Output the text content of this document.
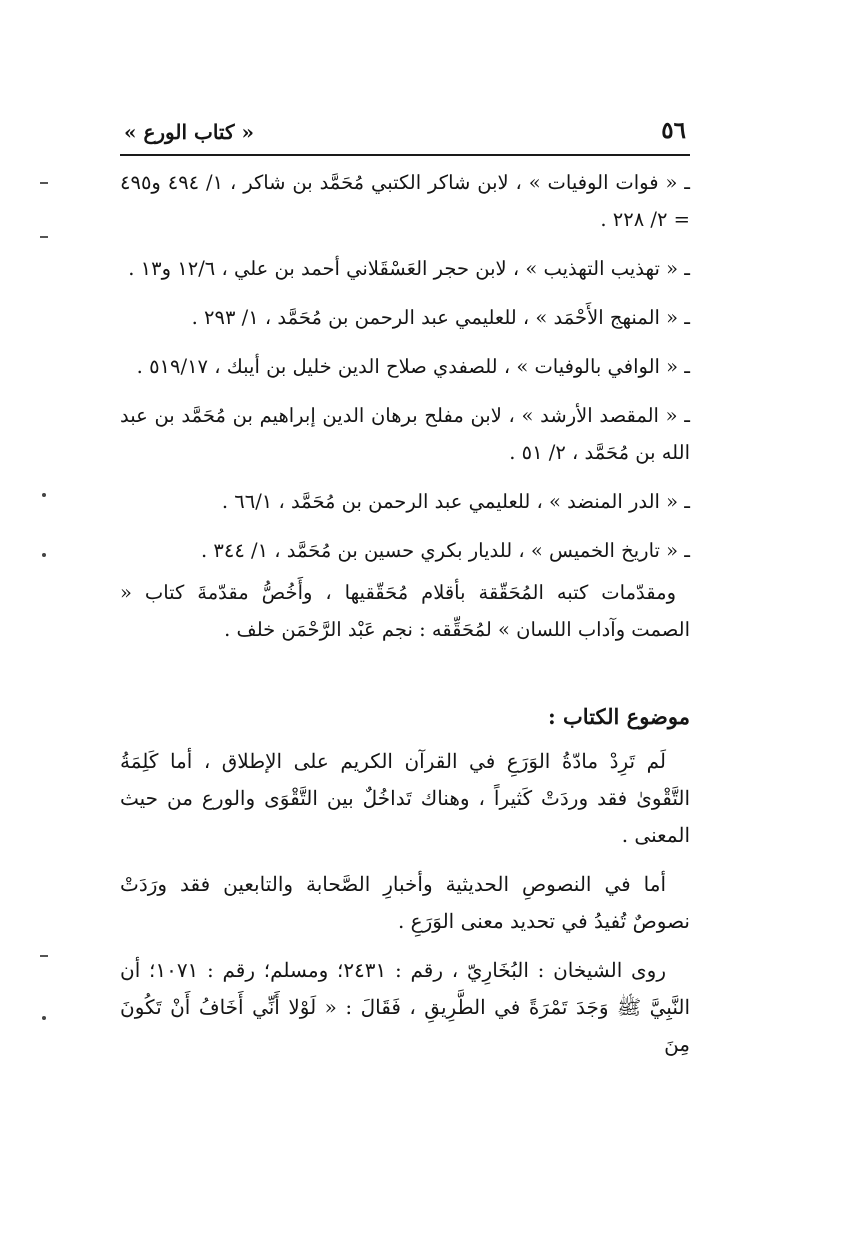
٥٦
« كتاب الورع »
ـ « فوات الوفيات » ، لابن شاكر الكتبي مُحَمَّد بن شاكر ، ١/ ٤٩٤ و٤٩٥ = ٢/ ٢٢٨ .
ـ « تهذيب التهذيب » ، لابن حجر العَسْقَلاني أحمد بن علي ، ١٢/٦ و١٣ .
ـ « المنهج الأَحْمَد » ، للعليمي عبد الرحمن بن مُحَمَّد ، ١/ ٢٩٣ .
ـ « الوافي بالوفيات » ، للصفدي صلاح الدين خليل بن أيبك ، ٥١٩/١٧ .
ـ « المقصد الأرشد » ، لابن مفلح برهان الدين إبراهيم بن مُحَمَّد بن عبد الله بن مُحَمَّد ، ٢/ ٥١ .
ـ « الدر المنضد » ، للعليمي عبد الرحمن بن مُحَمَّد ، ٦٦/١ .
ـ « تاريخ الخميس » ، للديار بكري حسين بن مُحَمَّد ، ١/ ٣٤٤ .

ومقدّمات كتبه المُحَقّقة بأقلام مُحَقّقيها ، وأَخُصُّ مقدّمةَ كتاب « الصمت وآداب اللسان » لمُحَقِّقه : نجم عَبْد الرَّحْمَن خلف .

موضوع الكتاب :

لَم تَرِدْ مادّةُ الوَرَعِ في القرآن الكريم على الإطلاق ، أما كَلِمَةُ التَّقْوىٰ فقد وردَتْ كَثيراً ، وهناك تَداخُلٌ بين التَّقْوَى والورع من حيث المعنى .

أما في النصوصِ الحديثية وأخبارِ الصَّحابة والتابعين فقد ورَدَتْ نصوصٌ تُفيدُ في تحديد معنى الوَرَعِ .

روى الشيخان : البُخَارِيّ ، رقم : ٢٤٣١؛ ومسلم؛ رقم : ١٠٧١؛ أن النَّبِيَّ ﷺ وَجَدَ تَمْرَةً في الطَّرِيقِ ، فَقَالَ : « لَوْلا أَنِّي أَخَافُ أَنْ تَكُونَ مِنَ
